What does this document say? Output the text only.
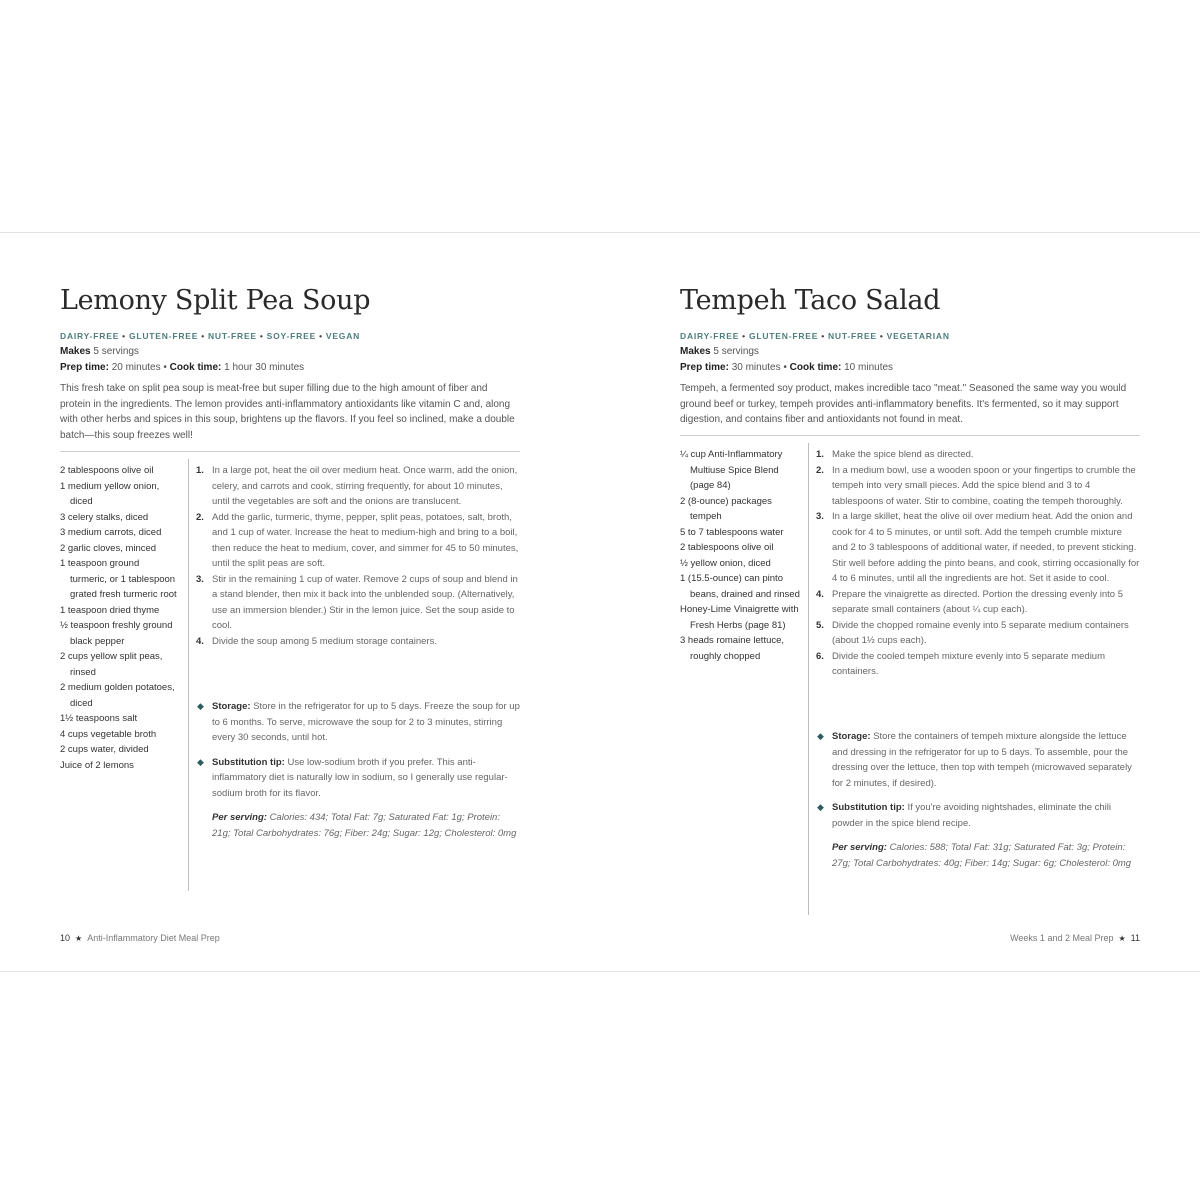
Lemony Split Pea Soup
DAIRY-FREE • GLUTEN-FREE • NUT-FREE • SOY-FREE • VEGAN
Makes 5 servings
Prep time: 20 minutes • Cook time: 1 hour 30 minutes

This fresh take on split pea soup is meat-free but super filling due to the high amount of fiber and protein in the ingredients. The lemon provides anti-inflammatory antioxidants like vitamin C and, along with other herbs and spices in this soup, brightens up the flavors. If you feel so inclined, make a double batch—this soup freezes well!

2 tablespoons olive oil
1 medium yellow onion, diced
3 celery stalks, diced
3 medium carrots, diced
2 garlic cloves, minced
1 teaspoon ground turmeric, or 1 tablespoon grated fresh turmeric root
1 teaspoon dried thyme
½ teaspoon freshly ground black pepper
2 cups yellow split peas, rinsed
2 medium golden potatoes, diced
1½ teaspoons salt
4 cups vegetable broth
2 cups water, divided
Juice of 2 lemons
1. In a large pot, heat the oil over medium heat. Once warm, add the onion, celery, and carrots and cook, stirring frequently, for about 10 minutes, until the vegetables are soft and the onions are translucent.
2. Add the garlic, turmeric, thyme, pepper, split peas, potatoes, salt, broth, and 1 cup of water. Increase the heat to medium-high and bring to a boil, then reduce the heat to medium, cover, and simmer for 45 to 50 minutes, until the split peas are soft.
3. Stir in the remaining 1 cup of water. Remove 2 cups of soup and blend in a stand blender, then mix it back into the unblended soup. (Alternatively, use an immersion blender.) Stir in the lemon juice. Set the soup aside to cool.
4. Divide the soup among 5 medium storage containers.
◆ Storage: Store in the refrigerator for up to 5 days. Freeze the soup for up to 6 months. To serve, microwave the soup for 2 to 3 minutes, stirring every 30 seconds, until hot.
◆ Substitution tip: Use low-sodium broth if you prefer. This anti-inflammatory diet is naturally low in sodium, so I generally use regular-sodium broth for its flavor.
Per serving: Calories: 434; Total Fat: 7g; Saturated Fat: 1g; Protein: 21g; Total Carbohydrates: 76g; Fiber: 24g; Sugar: 12g; Cholesterol: 0mg
10 ★ Anti-Inflammatory Diet Meal Prep
Tempeh Taco Salad
DAIRY-FREE • GLUTEN-FREE • NUT-FREE • VEGETARIAN
Makes 5 servings
Prep time: 30 minutes • Cook time: 10 minutes

Tempeh, a fermented soy product, makes incredible taco "meat." Seasoned the same way you would ground beef or turkey, tempeh provides anti-inflammatory benefits. It's fermented, so it may support digestion, and contains fiber and antioxidants not found in meat.

¼ cup Anti-Inflammatory Multiuse Spice Blend (page 84)
2 (8-ounce) packages tempeh
5 to 7 tablespoons water
2 tablespoons olive oil
½ yellow onion, diced
1 (15.5-ounce) can pinto beans, drained and rinsed
Honey-Lime Vinaigrette with Fresh Herbs (page 81)
3 heads romaine lettuce, roughly chopped
1. Make the spice blend as directed.
2. In a medium bowl, use a wooden spoon or your fingertips to crumble the tempeh into very small pieces. Add the spice blend and 3 to 4 tablespoons of water. Stir to combine, coating the tempeh thoroughly.
3. In a large skillet, heat the olive oil over medium heat. Add the onion and cook for 4 to 5 minutes, or until soft. Add the tempeh crumble mixture and 2 to 3 tablespoons of additional water, if needed, to prevent sticking. Stir well before adding the pinto beans, and cook, stirring occasionally for 4 to 6 minutes, until all the ingredients are hot. Set it aside to cool.
4. Prepare the vinaigrette as directed. Portion the dressing evenly into 5 separate small containers (about ¼ cup each).
5. Divide the chopped romaine evenly into 5 separate medium containers (about 1½ cups each).
6. Divide the cooled tempeh mixture evenly into 5 separate medium containers.
◆ Storage: Store the containers of tempeh mixture alongside the lettuce and dressing in the refrigerator for up to 5 days. To assemble, pour the dressing over the lettuce, then top with tempeh (microwaved separately for 2 minutes, if desired).
◆ Substitution tip: If you're avoiding nightshades, eliminate the chili powder in the spice blend recipe.
Per serving: Calories: 588; Total Fat: 31g; Saturated Fat: 3g; Protein: 27g; Total Carbohydrates: 40g; Fiber: 14g; Sugar: 6g; Cholesterol: 0mg
Weeks 1 and 2 Meal Prep ★ 11
